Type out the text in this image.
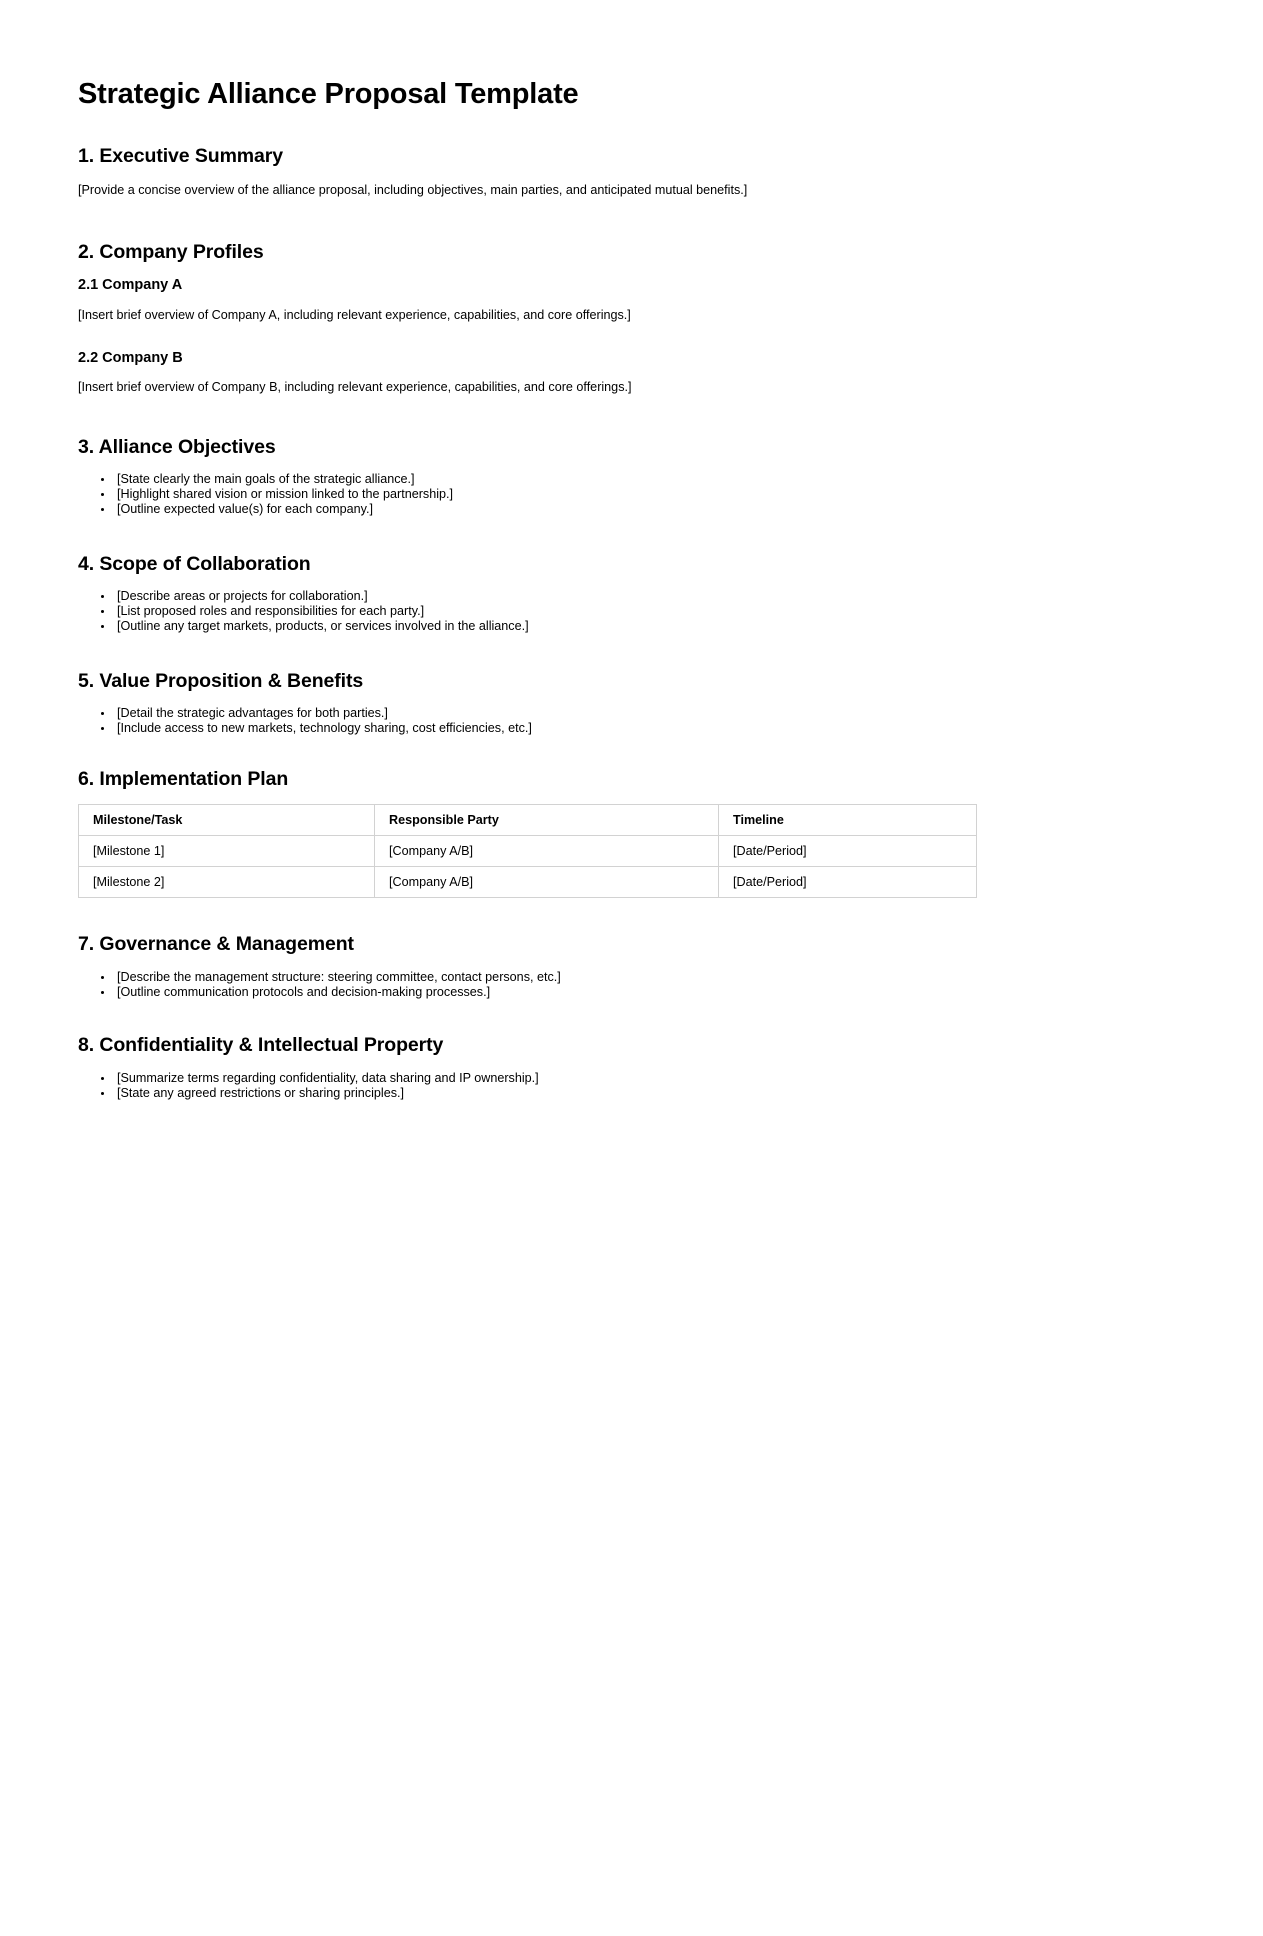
Strategic Alliance Proposal Template
1. Executive Summary

[Provide a concise overview of the alliance proposal, including objectives, main parties, and anticipated mutual benefits.]

2. Company Profiles
2.1 Company A

[Insert brief overview of Company A, including relevant experience, capabilities, and core offerings.]

2.2 Company B

[Insert brief overview of Company B, including relevant experience, capabilities, and core offerings.]

3. Alliance Objectives
[State clearly the main goals of the strategic alliance.]
[Highlight shared vision or mission linked to the partnership.]
[Outline expected value(s) for each company.]
4. Scope of Collaboration
[Describe areas or projects for collaboration.]
[List proposed roles and responsibilities for each party.]
[Outline any target markets, products, or services involved in the alliance.]
5. Value Proposition & Benefits
[Detail the strategic advantages for both parties.]
[Include access to new markets, technology sharing, cost efficiencies, etc.]
6. Implementation Plan
Milestone/Task	Responsible Party	Timeline
[Milestone 1]	[Company A/B]	[Date/Period]
[Milestone 2]	[Company A/B]	[Date/Period]
7. Governance & Management
[Describe the management structure: steering committee, contact persons, etc.]
[Outline communication protocols and decision-making processes.]
8. Confidentiality & Intellectual Property
[Summarize terms regarding confidentiality, data sharing and IP ownership.]
[State any agreed restrictions or sharing principles.]
